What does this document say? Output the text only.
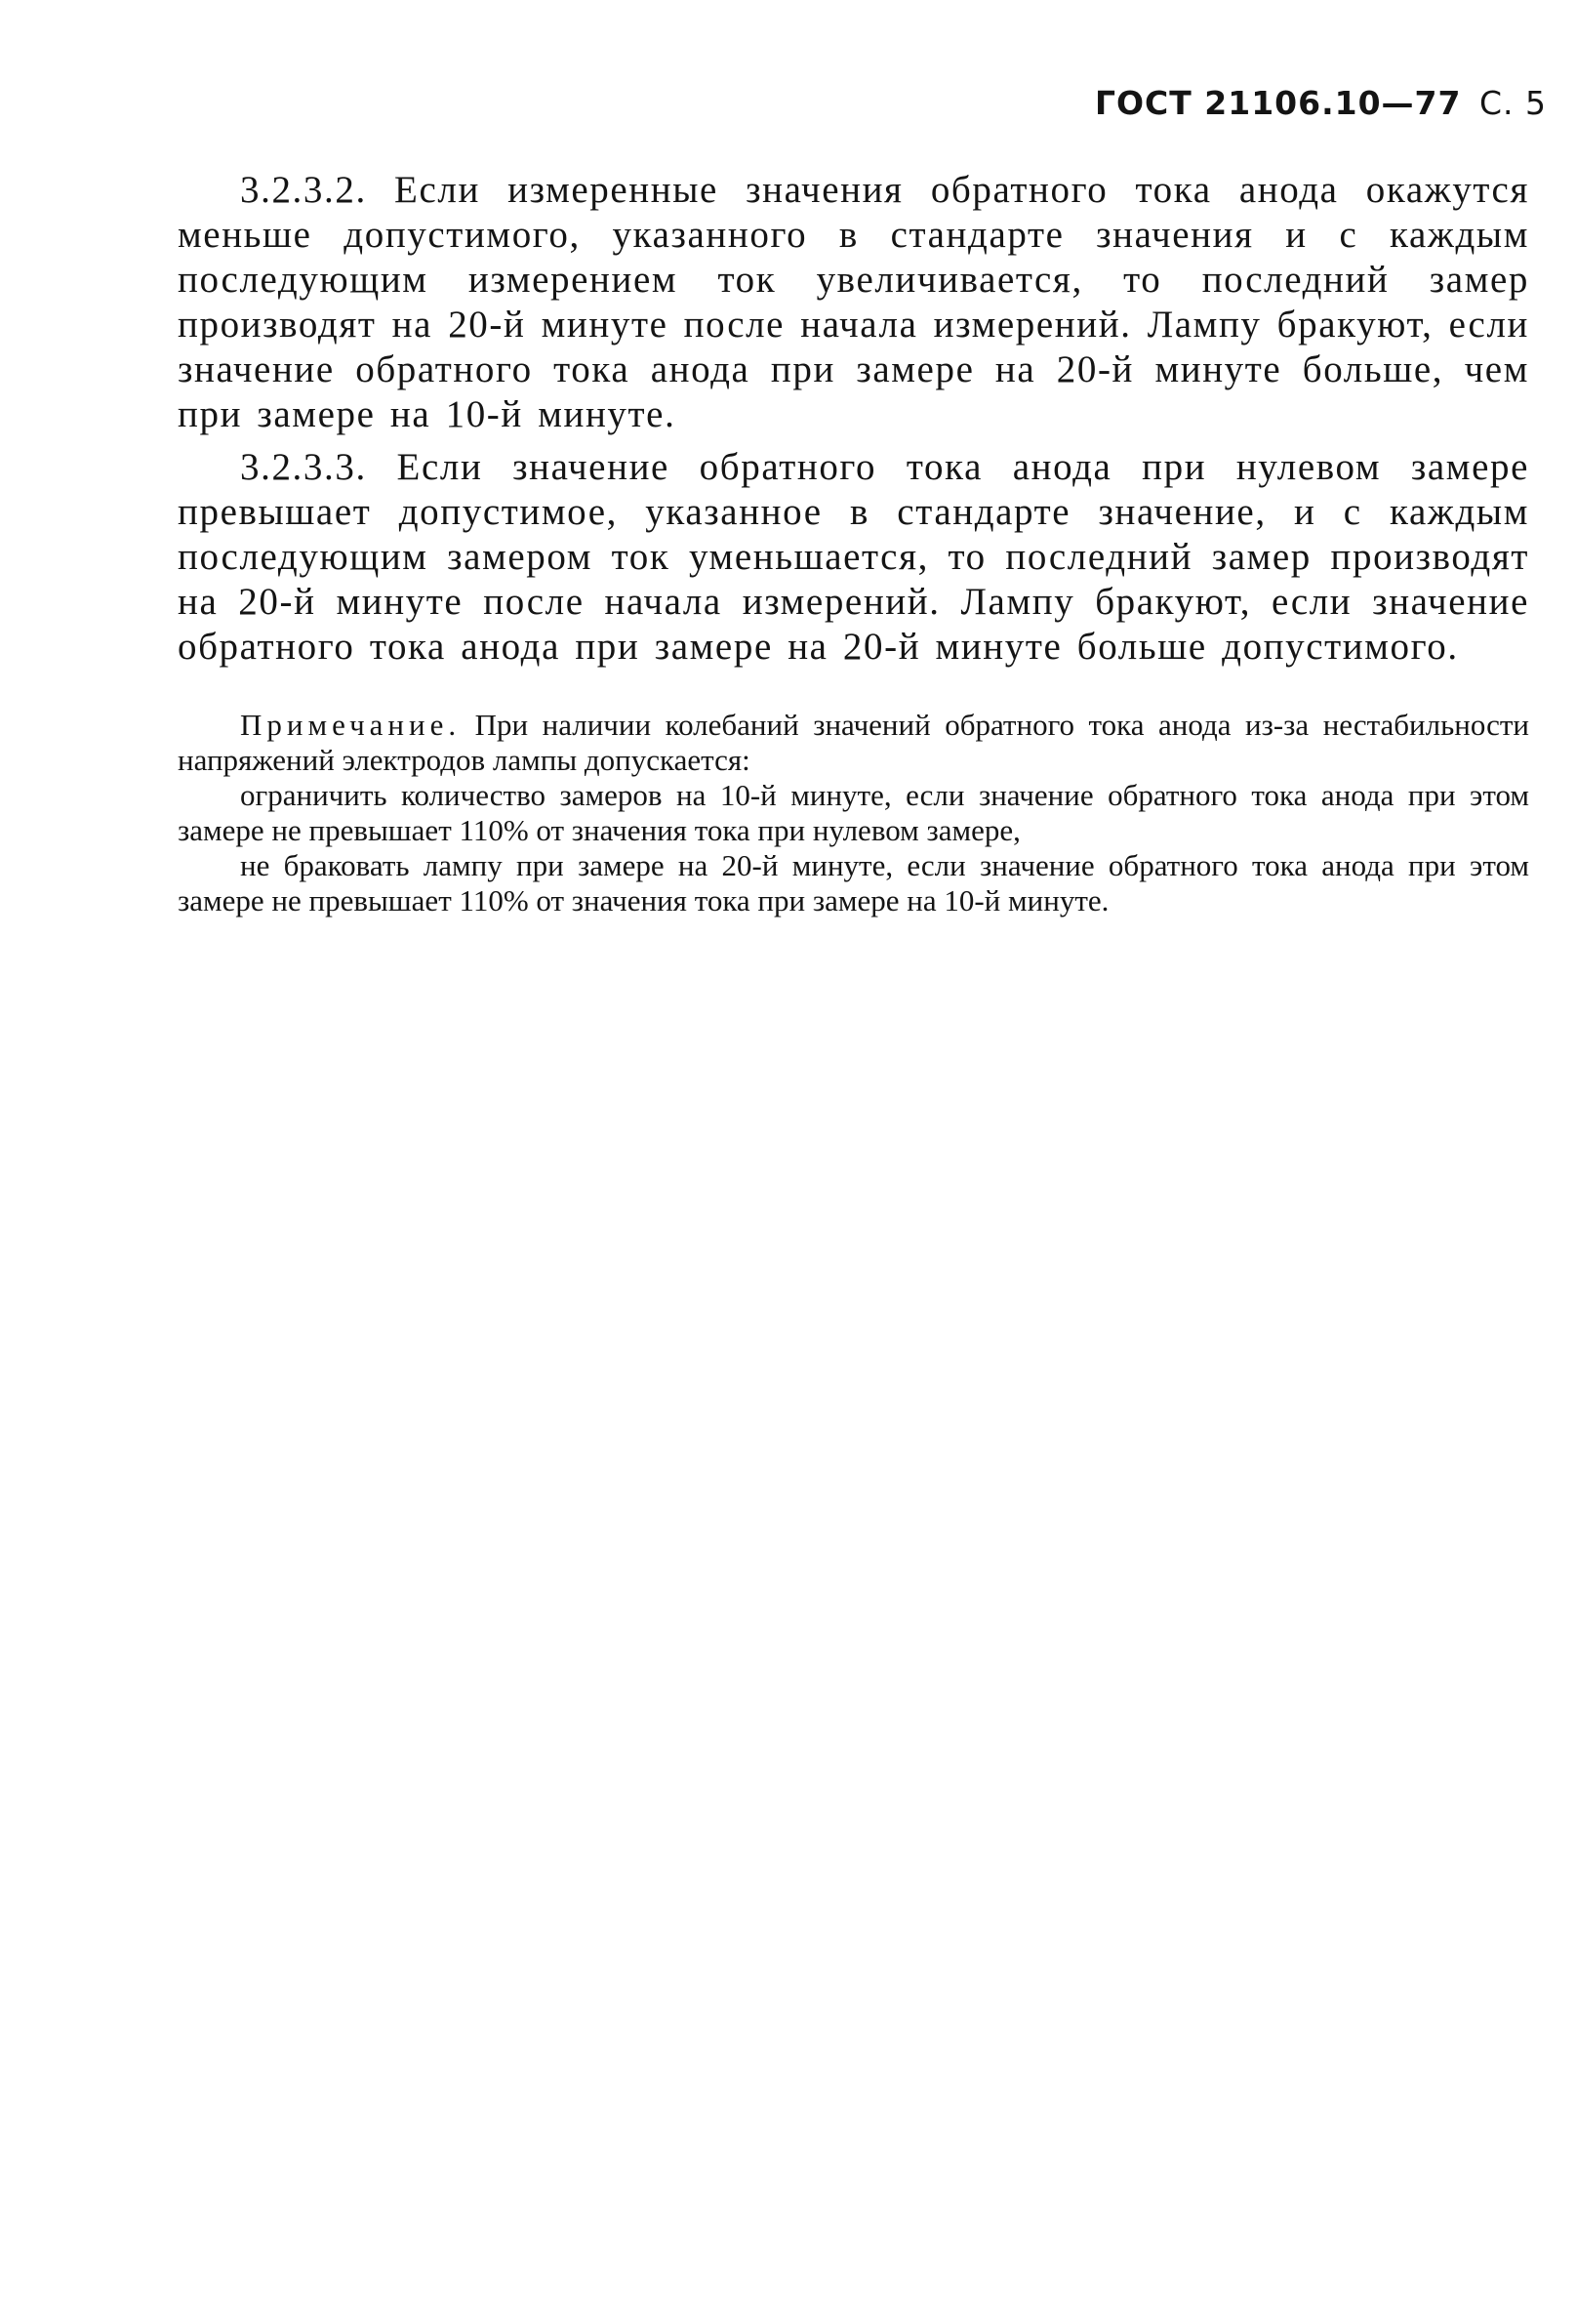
ГОСТ 21106.10—77 С. 5

3.2.3.2. Если измеренные значения обратного тока анода окажутся меньше допустимого, указанного в стандарте значения и с каждым последующим измерением ток увеличивается, то последний замер производят на 20-й минуте после начала измерений. Лампу бракуют, если значение обратного тока анода при замере на 20-й минуте больше, чем при замере на 10-й минуте.

3.2.3.3. Если значение обратного тока анода при нулевом замере превышает допустимое, указанное в стандарте значение, и с каждым последующим замером ток уменьшается, то последний замер производят на 20-й минуте после начала измерений. Лампу бракуют, если значение обратного тока анода при замере на 20-й минуте больше допустимого.

Примечание. При наличии колебаний значений обратного тока анода из-за нестабильности напряжений электродов лампы допускается:

ограничить количество замеров на 10-й минуте, если значение обратного тока анода при этом замере не превышает 110% от значения тока при нулевом замере,

не браковать лампу при замере на 20-й минуте, если значение обратного тока анода при этом замере не превышает 110% от значения тока при замере на 10-й минуте.
